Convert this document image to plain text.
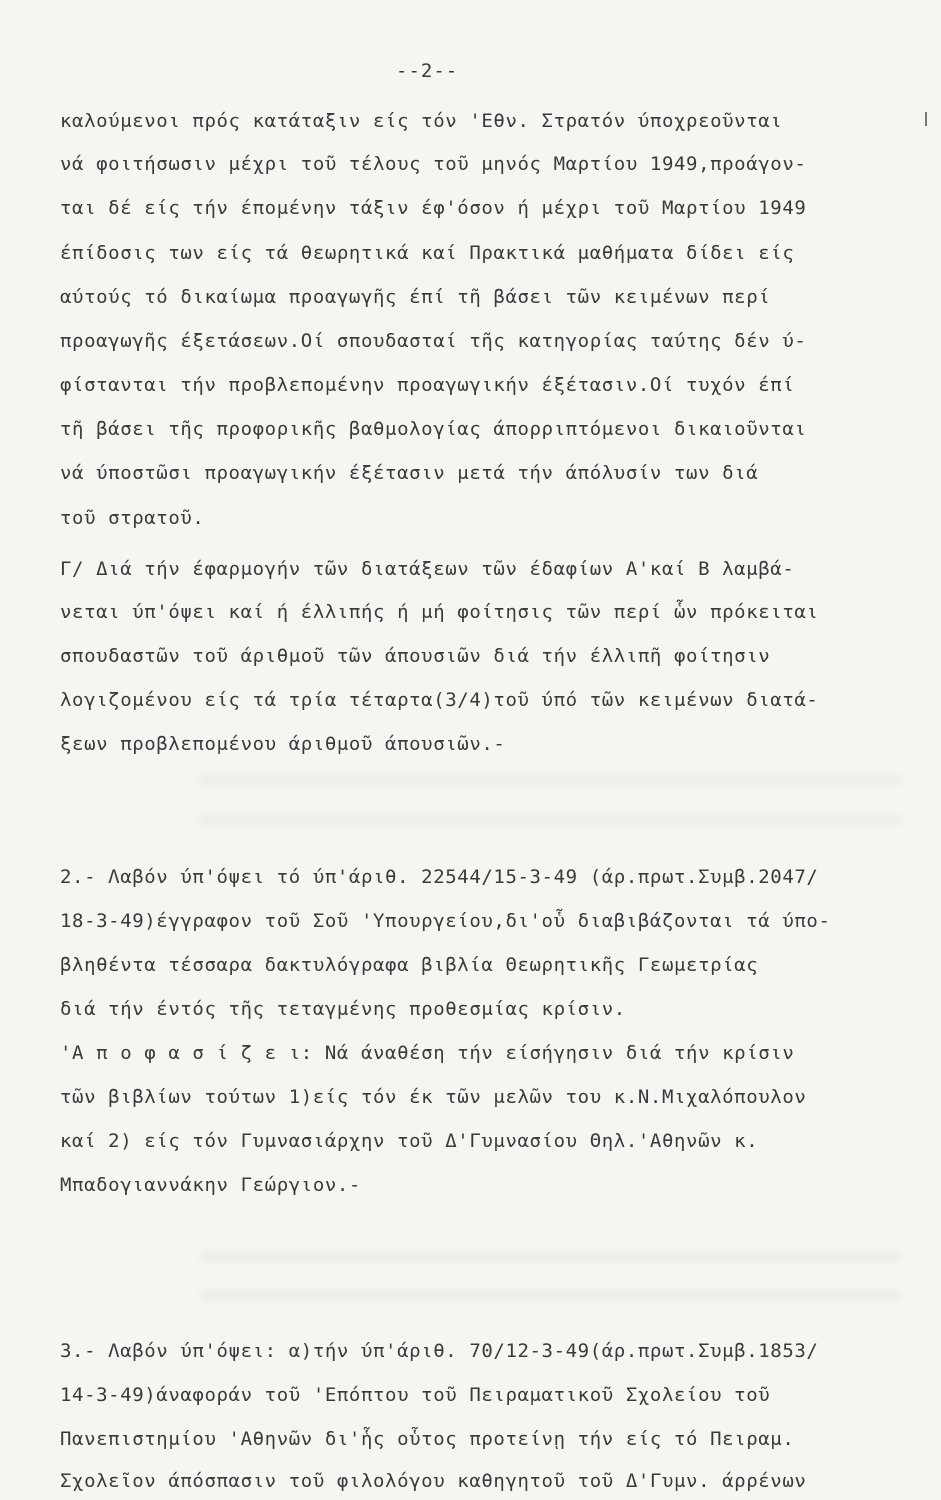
--2--
καλούμενοι πρός κατάταξιν είς τόν 'Εθν. Στρατόν ύποχρεοῦνται
νά φοιτήσωσιν μέχρι τοῦ τέλους τοῦ μηνός Μαρτίου 1949,προάγον-
ται δέ είς τήν έπομένην τάξιν έφ'όσον ή μέχρι τοῦ Μαρτίου 1949
έπίδοσις των είς τά θεωρητικά καί Πρακτικά μαθήματα δίδει είς
αύτούς τό δικαίωμα προαγωγῆς έπί τῆ βάσει τῶν κειμένων περί
προαγωγῆς έξετάσεων.Οί σπουδασταί τῆς κατηγορίας ταύτης δέν ύ-
φίστανται τήν προβλεπομένην προαγωγικήν έξέτασιν.Οί τυχόν έπί
τῆ βάσει τῆς προφορικῆς βαθμολογίας άπορριπτόμενοι δικαιοῦνται
νά ύποστῶσι προαγωγικήν έξέτασιν μετά τήν άπόλυσίν των διά
τοῦ στρατοῦ.
Γ/ Διά τήν έφαρμογήν τῶν διατάξεων τῶν έδαφίων Α'καί Β λαμβά-
νεται ύπ'όψει καί ή έλλιπής ή μή φοίτησις τῶν περί ὧν πρόκειται
σπουδαστῶν τοῦ άριθμοῦ τῶν άπουσιῶν διά τήν έλλιπῆ φοίτησιν
λογιζομένου είς τά τρία τέταρτα(3/4)τοῦ ύπό τῶν κειμένων διατά-
ξεων προβλεπομένου άριθμοῦ άπουσιῶν.-
2.- Λαβόν ύπ'όψει τό ύπ'άριθ. 22544/15-3-49 (άρ.πρωτ.Συμβ.2047/
18-3-49)έγγραφον τοῦ Σοῦ 'Υπουργείου,δι'οὗ διαβιβάζονται τά ύπο-
βληθέντα τέσσαρα δακτυλόγραφα βιβλία Θεωρητικῆς Γεωμετρίας
διά τήν έντός τῆς τεταγμένης προθεσμίας κρίσιν.
'Α π ο φ α σ ί ζ ε ι: Νά άναθέση τήν είσήγησιν διά τήν κρίσιν
τῶν βιβλίων τούτων 1)είς τόν έκ τῶν μελῶν του κ.Ν.Μιχαλόπουλον
καί 2) είς τόν Γυμνασιάρχην τοῦ Δ'Γυμνασίου Θηλ.'Αθηνῶν κ.
Μπαδογιαννάκην Γεώργιον.-
3.- Λαβόν ύπ'όψει: α)τήν ύπ'άριθ. 70/12-3-49(άρ.πρωτ.Συμβ.1853/
14-3-49)άναφοράν τοῦ 'Επόπτου τοῦ Πειραματικοῦ Σχολείου τοῦ
Πανεπιστημίου 'Αθηνῶν δι'ἧς οὗτος προτείνῃ τήν είς τό Πειραμ.
Σχολεῖον άπόσπασιν τοῦ φιλολόγου καθηγητοῦ τοῦ Δ'Γυμν. άρρένων
